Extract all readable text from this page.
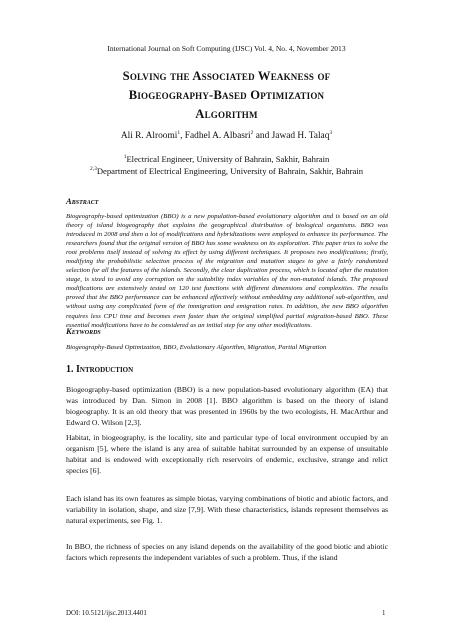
International Journal on Soft Computing (IJSC) Vol. 4, No. 4, November 2013
Solving the Associated Weakness of
Biogeography-Based Optimization
Algorithm
Ali R. Alroomi$^1$, Fadhel A. Albasri$^2$ and Jawad H. Talaq$^3$
$^1$Electrical Engineer, University of Bahrain, Sakhir, Bahrain
$^{2,3}$Department of Electrical Engineering, University of Bahrain, Sakhir, Bahrain
Abstract
Biogeography-based optimization (BBO) is a new population-based evolutionary algorithm and is based on an old theory of island biogeography that explains the geographical distribution of biological organisms. BBO was introduced in 2008 and then a lot of modifications and hybridizations were employed to enhance its performance. The researchers found that the original version of BBO has some weakness on its exploration. This paper tries to solve the root problems itself instead of solving its effect by using different techniques. It proposes two modifications; firstly, modifying the probabilistic selection process of the migration and mutation stages to give a fairly randomized selection for all the features of the islands. Secondly, the clear duplication process, which is located after the mutation stage, is sized to avoid any corruption on the suitability index variables of the non-mutated islands. The proposed modifications are extensively tested on 120 test functions with different dimensions and complexities. The results proved that the BBO performance can be enhanced effectively without embedding any additional sub-algorithm, and without using any complicated form of the immigration and emigration rates. In addition, the new BBO algorithm requires less CPU time and becomes even faster than the original simplified partial migration-based BBO. These essential modifications have to be considered as an initial step for any other modifications.
Keywords
Biogeography-Based Optimization, BBO, Evolutionary Algorithm, Migration, Partial Migration
1. Introduction
Biogeography-based optimization (BBO) is a new population-based evolutionary algorithm (EA) that was introduced by Dan. Simon in 2008 [1]. BBO algorithm is based on the theory of island biogeography. It is an old theory that was presented in 1960s by the two ecologists, H. MacArthur and Edward O. Wilson [2,3].
Habitat, in biogeography, is the locality, site and particular type of local environment occupied by an organism [5], where the island is any area of suitable habitat surrounded by an expense of unsuitable habitat and is endowed with exceptionally rich reservoirs of endemic, exclusive, strange and relict species [6].
Each island has its own features as simple biotas, varying combinations of biotic and abiotic factors, and variability in isolation, shape, and size [7,9]. With these characteristics, islands represent themselves as natural experiments, see Fig. 1.
In BBO, the richness of species on any island depends on the availability of the good biotic and abiotic factors which represents the independent variables of such a problem. Thus, if the island
DOI: 10.5121/ijsc.2013.4401	1
